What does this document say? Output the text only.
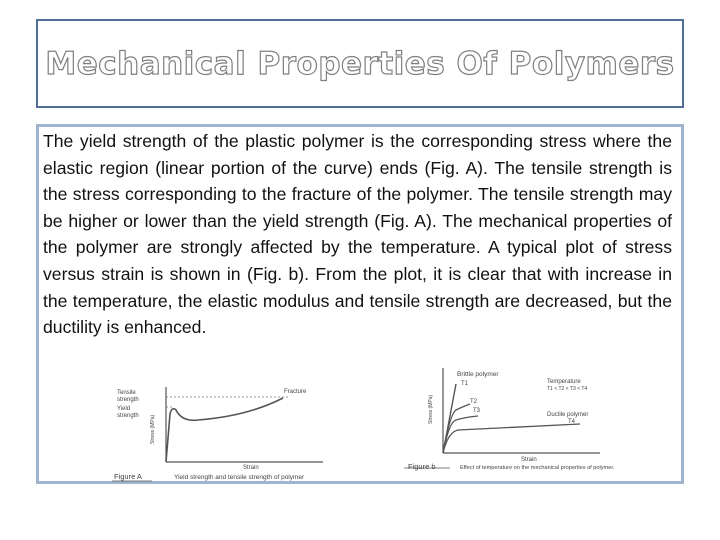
Mechanical Properties Of Polymers

The yield strength of the plastic polymer is the corresponding stress where the elastic region (linear portion of the curve) ends (Fig. A). The tensile strength is the stress corresponding to the fracture of the polymer. The tensile strength may be higher or lower than the yield strength (Fig. A). The mechanical properties of the polymer are strongly affected by the temperature. A typical plot of stress versus strain is shown in (Fig. b). From the plot, it is clear that with increase in the temperature, the elastic modulus and tensile strength are decreased, but the ductility is enhanced.

Tensile
strength
Yield
strength
Fracture
Stress (MPa)
Strain
Figure A	Yield strength and tensile strength of polymer
Brittle polymer
T1
T2
T3
Temperature
T1 < T2 < T3 < T4
Ductile polymer
T4
Stress (MPa)
Strain
Figure b	Effect of temperature on the mechanical properties of polymer.
